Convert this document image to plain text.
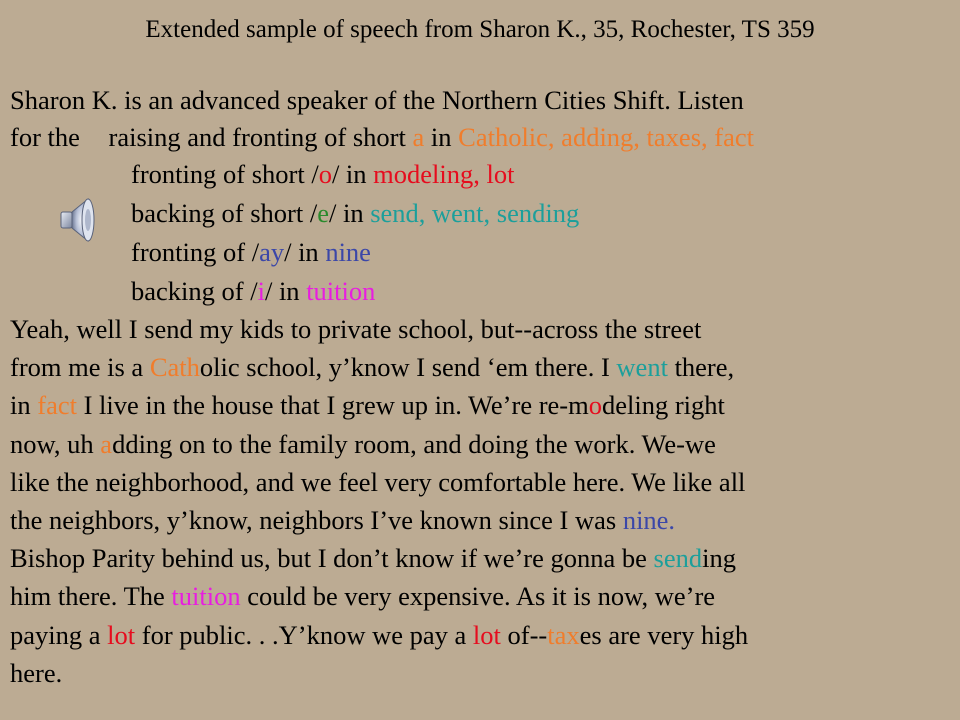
Extended sample of speech from Sharon K., 35, Rochester, TS 359
Sharon K. is an advanced speaker of the Northern Cities Shift. Listen
for the raising and fronting of short a in Catholic, adding, taxes, fact
fronting of short /o/ in modeling, lot
backing of short /e/ in send, went, sending
fronting of /ay/ in nine
backing of /i/ in tuition
Yeah, well I send my kids to private school, but--across the street
from me is a Catholic school, y’know I send ‘em there. I went there,
in fact I live in the house that I grew up in. We’re re-modeling right
now, uh adding on to the family room, and doing the work. We-we
like the neighborhood, and we feel very comfortable here. We like all
the neighbors, y’know, neighbors I’ve known since I was nine.
Bishop Parity behind us, but I don’t know if we’re gonna be sending
him there. The tuition could be very expensive. As it is now, we’re
paying a lot for public. . .Y’know we pay a lot of--taxes are very high
here.
